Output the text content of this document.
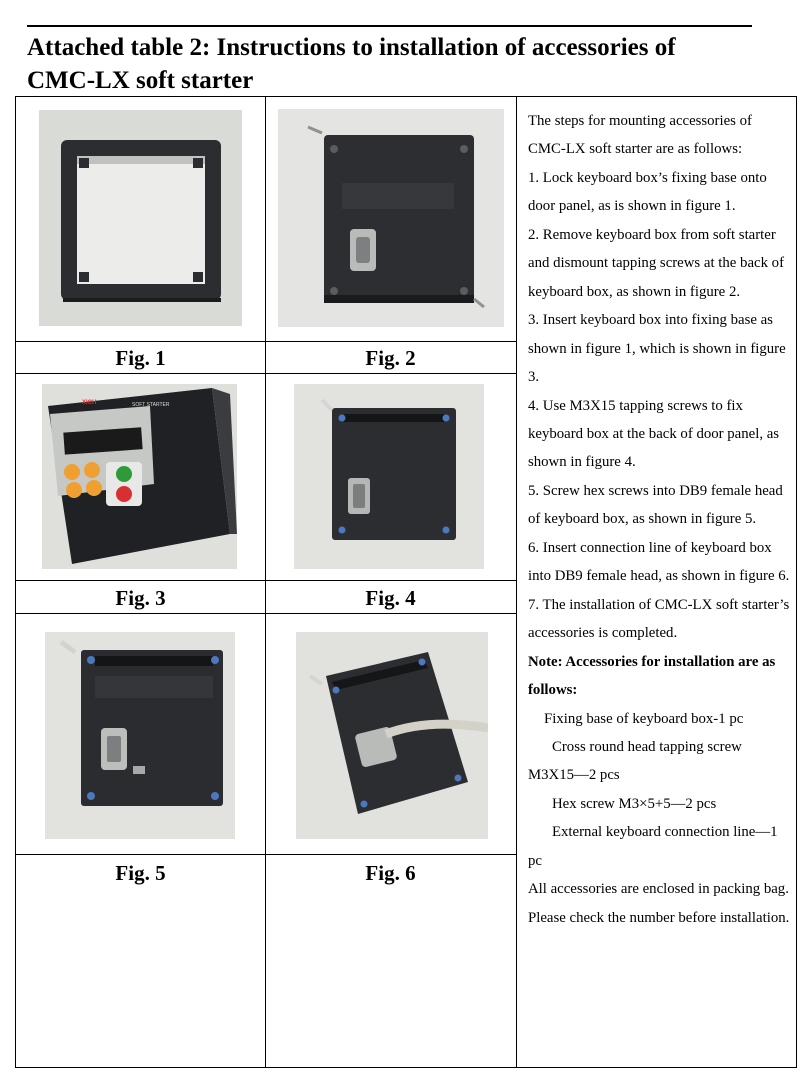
Attached table 2: Instructions to installation of accessories of
CMC-LX soft starter
Fig. 1	Fig. 2
XICH	SOFT STARTER
Fig. 3	Fig. 4
Fig. 5	Fig. 6

The steps for mounting accessories of CMC-LX soft starter are as follows:

1. Lock keyboard box’s fixing base onto door panel, as is shown in figure 1.

2. Remove keyboard box from soft starter and dismount tapping screws at the back of keyboard box, as shown in figure 2.

3. Insert keyboard box into fixing base as shown in figure 1, which is shown in figure 3.

4. Use M3X15 tapping screws to fix keyboard box at the back of door panel, as shown in figure 4.

5. Screw hex screws into DB9 female head of keyboard box, as shown in figure 5.

6. Insert connection line of keyboard box into DB9 female head, as shown in figure 6.

7. The installation of CMC-LX soft starter’s accessories is completed.

Note: Accessories for installation are as follows:

Fixing base of keyboard box-1 pc

Cross round head tapping screw M3X15—2 pcs

Hex screw M3×5+5—2 pcs

External keyboard connection line—1 pc

All accessories are enclosed in packing bag. Please check the number before installation.
